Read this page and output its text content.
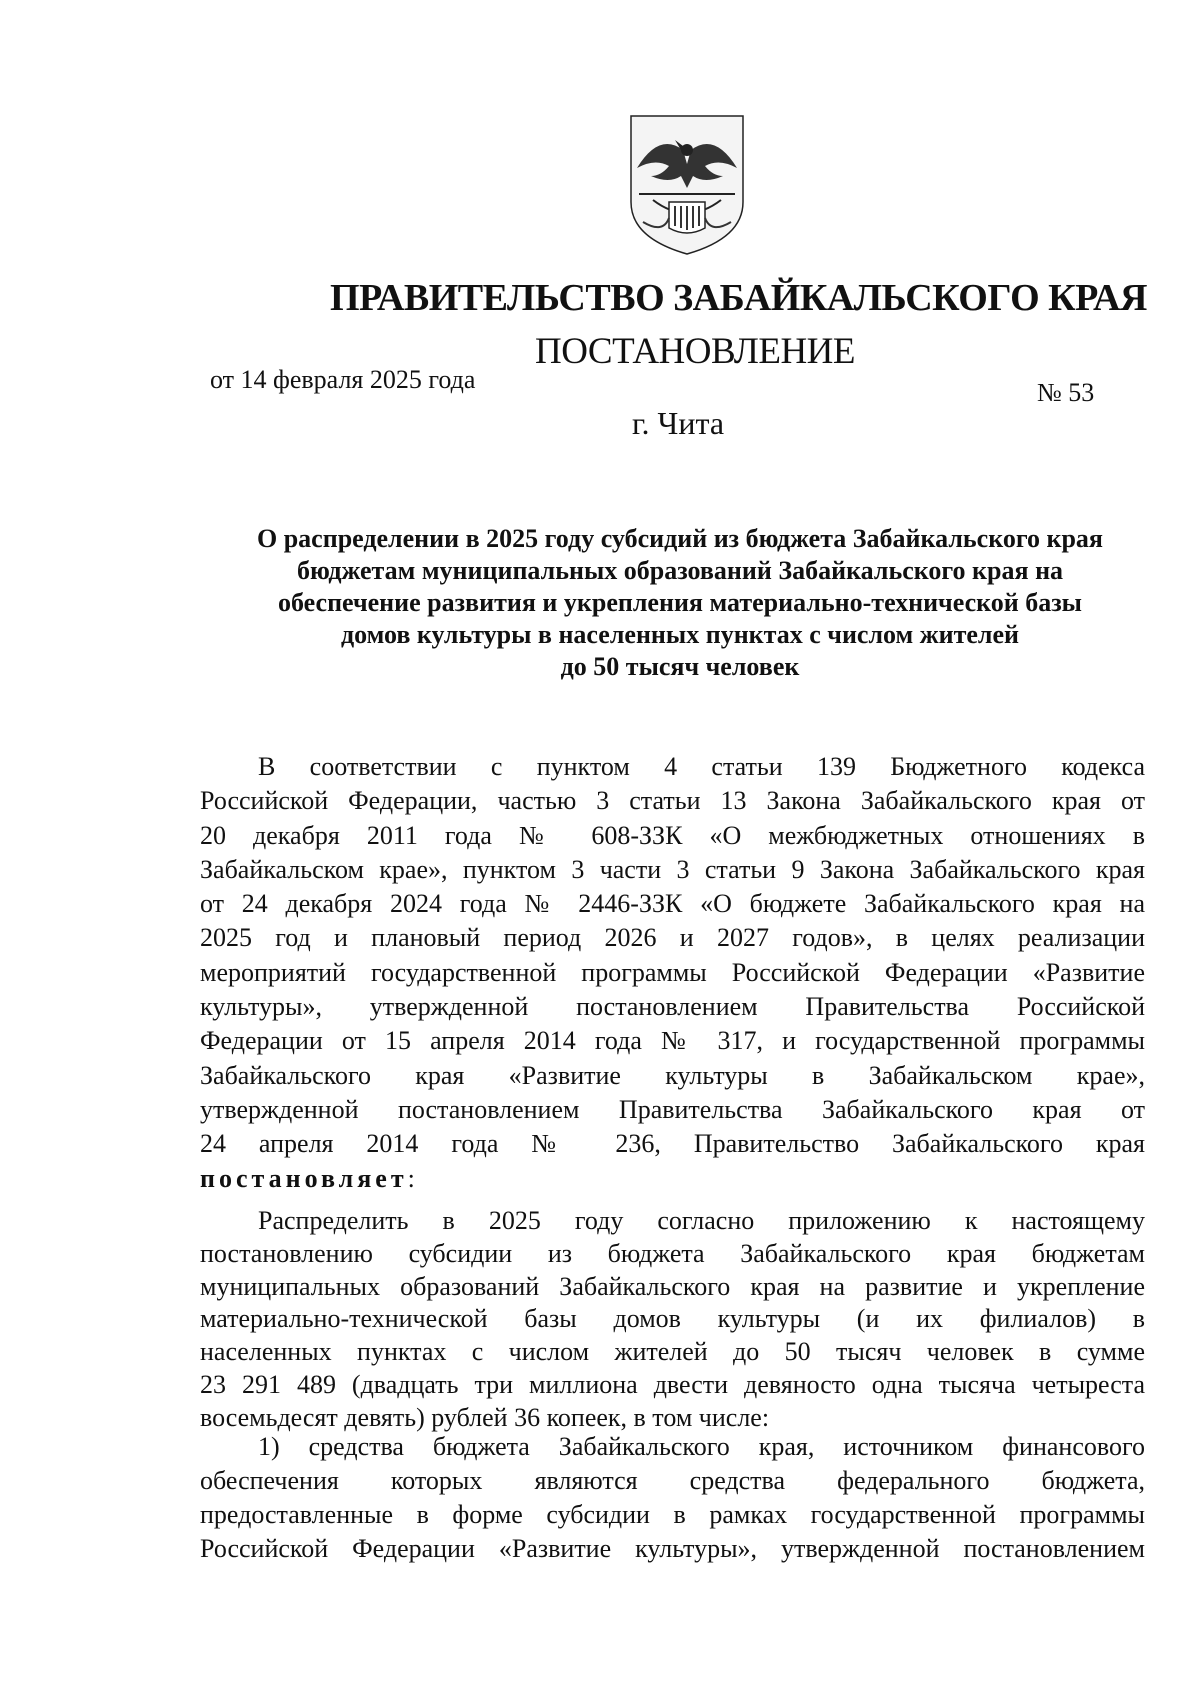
ПРАВИТЕЛЬСТВО ЗАБАЙКАЛЬСКОГО КРАЯ
ПОСТАНОВЛЕНИЕ
от 14 февраля 2025 года	№ 53
г. Чита
О распределении в 2025 году субсидий из бюджета Забайкальского края
бюджетам муниципальных образований Забайкальского края на
обеспечение развития и укрепления материально-технической базы
домов культуры в населенных пунктах с числом жителей
до 50 тысяч человек
В соответствии с пунктом 4 статьи 139 Бюджетного кодекса
Российской Федерации, частью 3 статьи 13 Закона Забайкальского края от
20 декабря 2011 года № 608-ЗЗК «О межбюджетных отношениях в
Забайкальском крае», пунктом 3 части 3 статьи 9 Закона Забайкальского края
от 24 декабря 2024 года № 2446-ЗЗК «О бюджете Забайкальского края на
2025 год и плановый период 2026 и 2027 годов», в целях реализации
мероприятий государственной программы Российской Федерации «Развитие
культуры», утвержденной постановлением Правительства Российской
Федерации от 15 апреля 2014 года № 317, и государственной программы
Забайкальского края «Развитие культуры в Забайкальском крае»,
утвержденной постановлением Правительства Забайкальского края от
24 апреля 2014 года № 236, Правительство Забайкальского края
постановляет:
Распределить в 2025 году согласно приложению к настоящему
постановлению субсидии из бюджета Забайкальского края бюджетам
муниципальных образований Забайкальского края на развитие и укрепление
материально-технической базы домов культуры (и их филиалов) в
населенных пунктах с числом жителей до 50 тысяч человек в сумме
23 291 489 (двадцать три миллиона двести девяносто одна тысяча четыреста
восемьдесят девять) рублей 36 копеек, в том числе:
1) средства бюджета Забайкальского края, источником финансового
обеспечения которых являются средства федерального бюджета,
предоставленные в форме субсидии в рамках государственной программы
Российской Федерации «Развитие культуры», утвержденной постановлением
